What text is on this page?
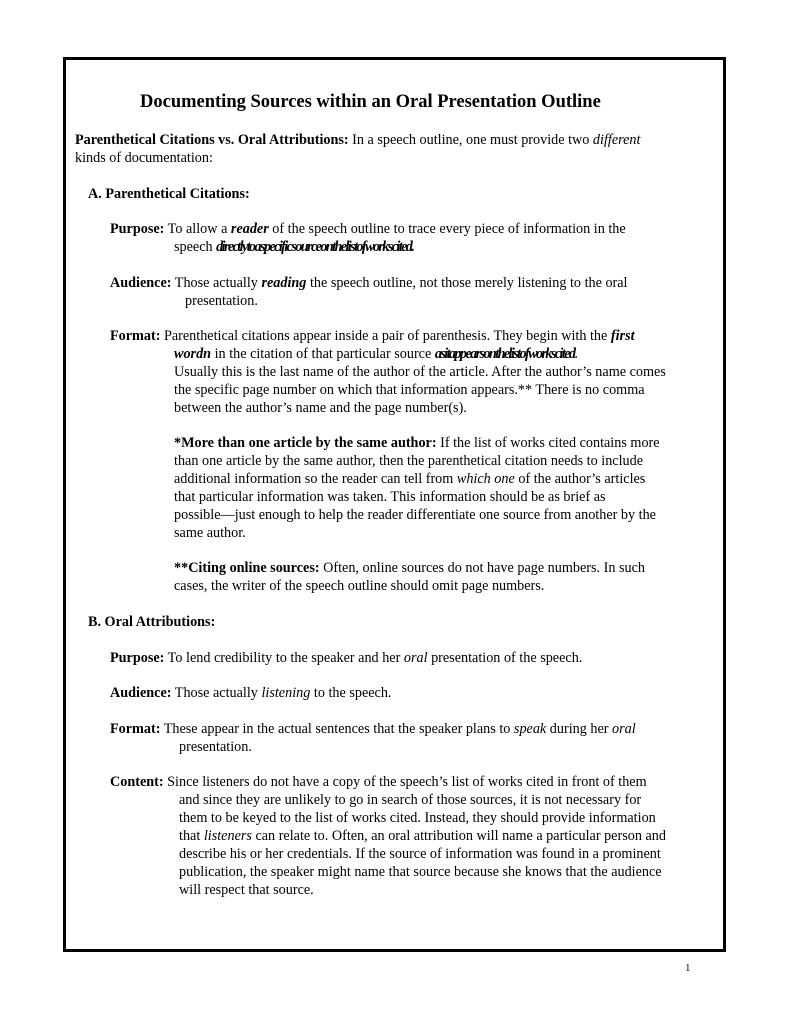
Documenting Sources within an Oral Presentation Outline
Parenthetical Citations vs. Oral Attributions: In a speech outline, one must provide two different
kinds of documentation:
A. Parenthetical Citations:
Purpose: To allow a reader of the speech outline to trace every piece of information in the
speech directlytoaspecificsourceonthelistofworkscited.
Audience: Those actually reading the speech outline, not those merely listening to the oral
presentation.
Format: Parenthetical citations appear inside a pair of parenthesis. They begin with the first
wordn in the citation of that particular source asitappearsonthelistofworkscited.
Usually this is the last name of the author of the article. After the author’s name comes
the specific page number on which that information appears.** There is no comma
between the author’s name and the page number(s).
*More than one article by the same author: If the list of works cited contains more
than one article by the same author, then the parenthetical citation needs to include
additional information so the reader can tell from which one of the author’s articles
that particular information was taken. This information should be as brief as
possible—just enough to help the reader differentiate one source from another by the
same author.
**Citing online sources: Often, online sources do not have page numbers. In such
cases, the writer of the speech outline should omit page numbers.
B. Oral Attributions:
Purpose: To lend credibility to the speaker and her oral presentation of the speech.
Audience: Those actually listening to the speech.
Format: These appear in the actual sentences that the speaker plans to speak during her oral
presentation.
Content: Since listeners do not have a copy of the speech’s list of works cited in front of them
and since they are unlikely to go in search of those sources, it is not necessary for
them to be keyed to the list of works cited. Instead, they should provide information
that listeners can relate to. Often, an oral attribution will name a particular person and
describe his or her credentials. If the source of information was found in a prominent
publication, the speaker might name that source because she knows that the audience
will respect that source.
1
